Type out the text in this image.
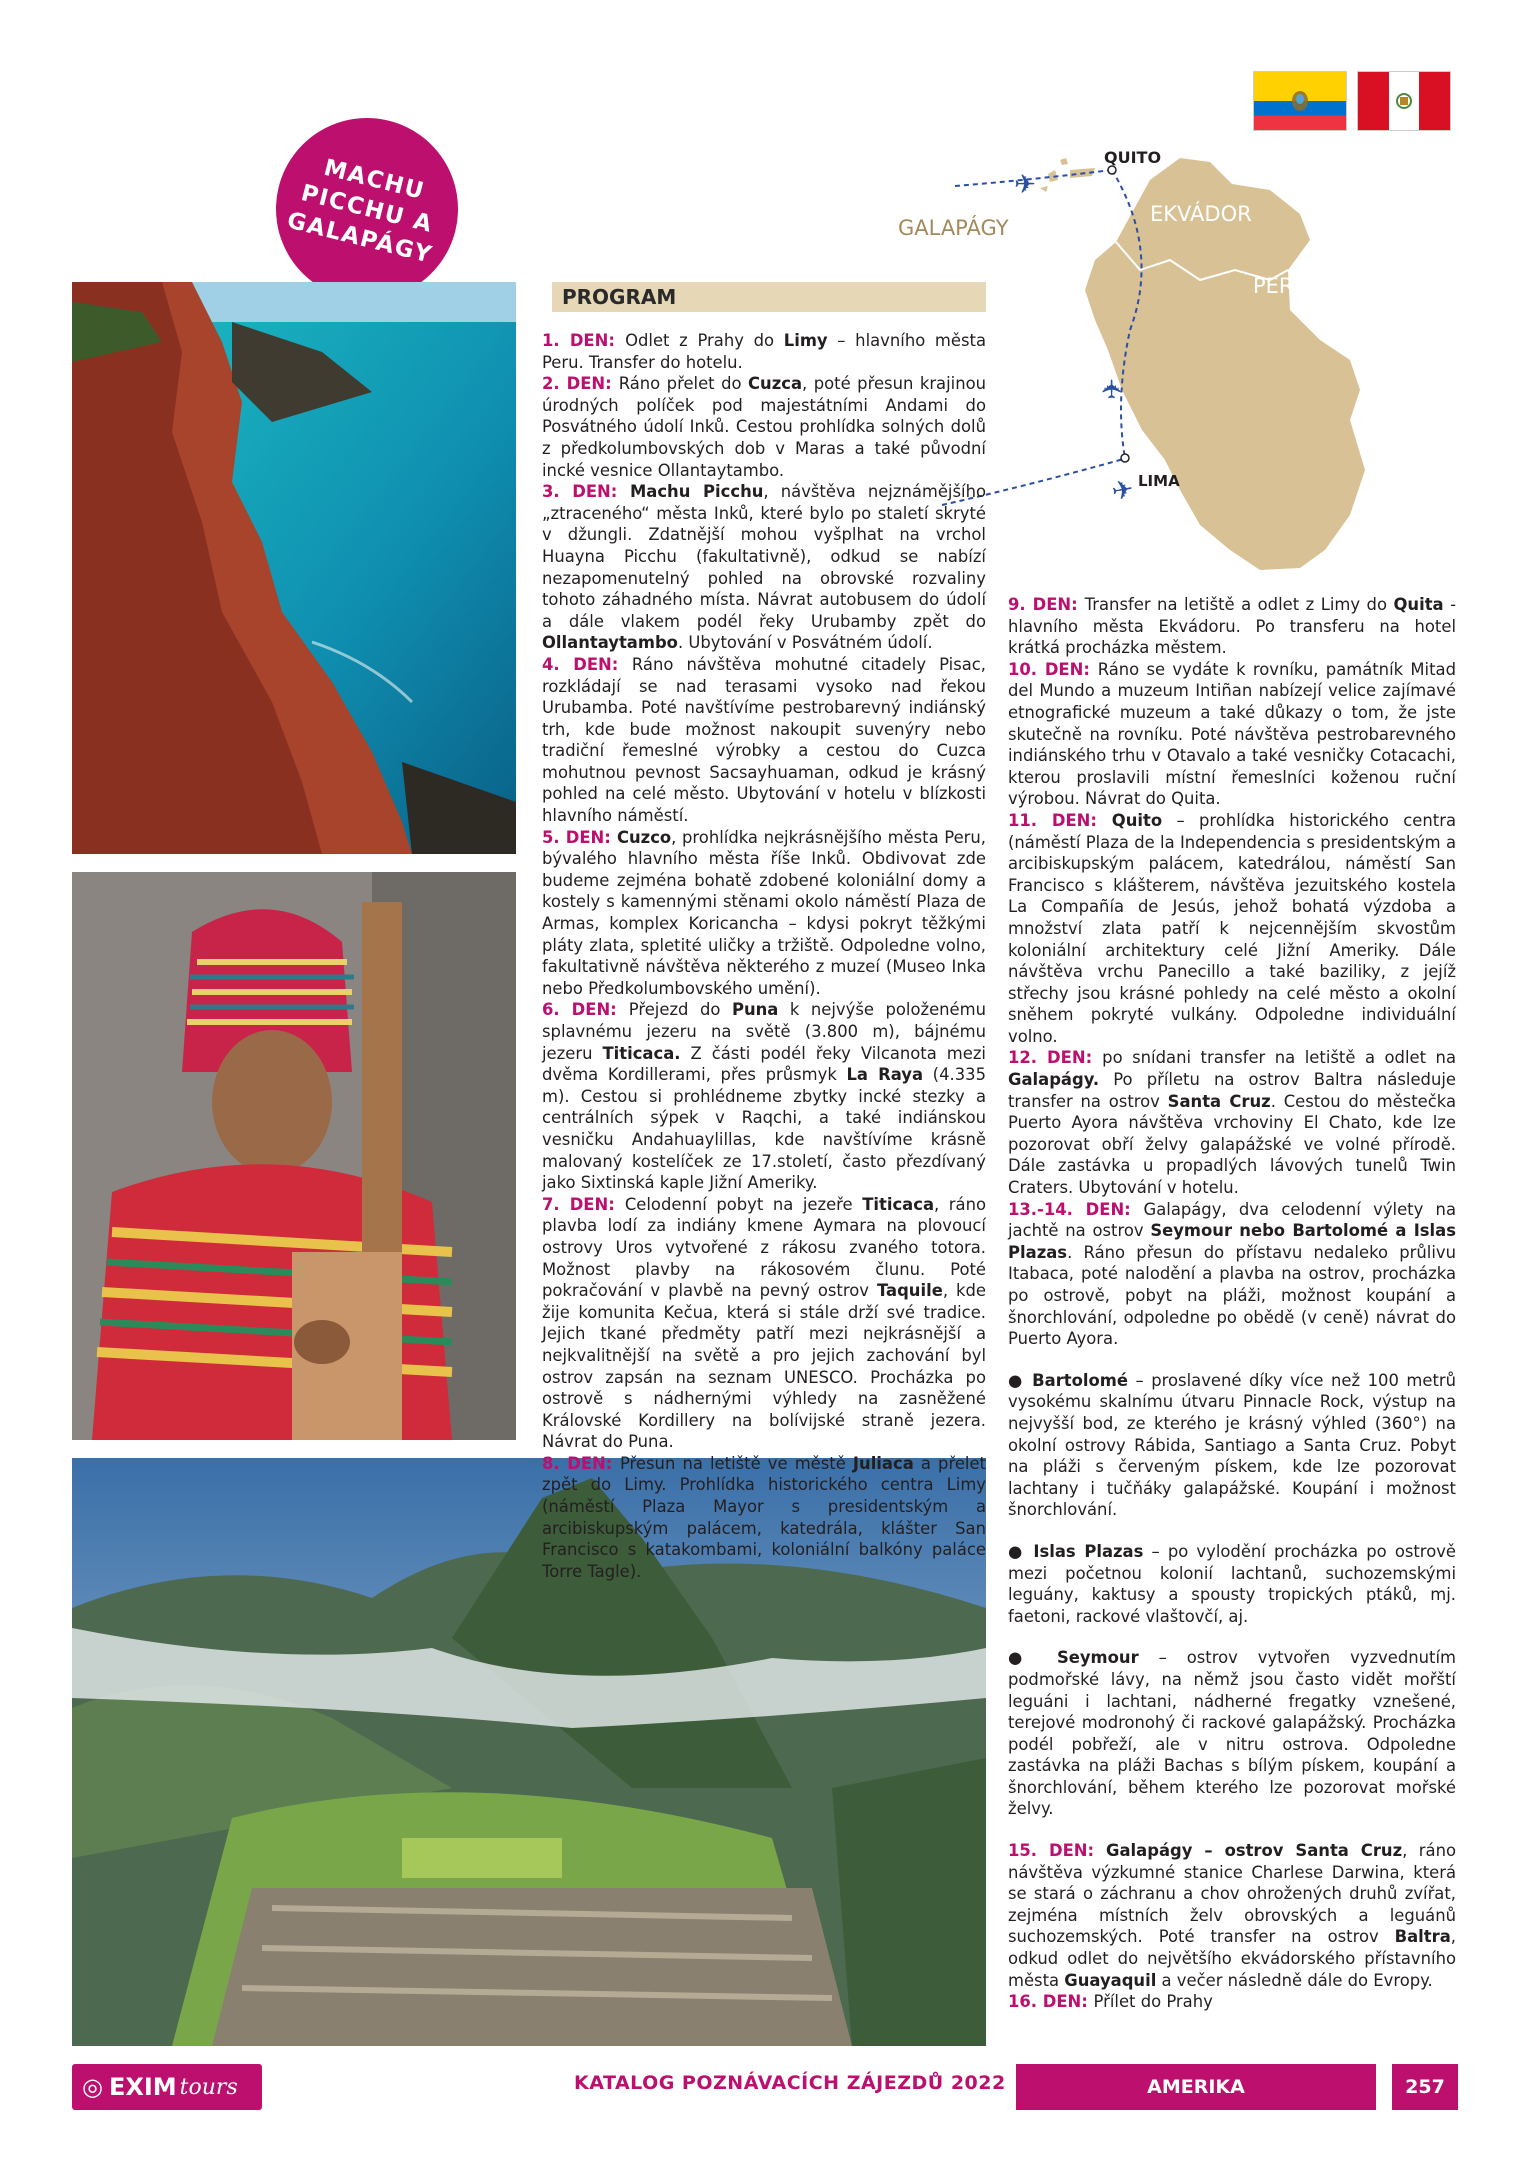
MACHU
PICCHU A
GALAPÁGY
✈
✈
✈
QUITO
EKVÁDOR
PERU
LIMA
GALAPÁGY
PROGRAM

1. DEN: Odlet z Prahy do Limy – hlavního města Peru. Transfer do hotelu.

2. DEN: Ráno přelet do Cuzca, poté přesun krajinou úrodných políček pod majestátními Andami do Posvátného údolí Inků. Cestou prohlídka solných dolů z předkolumbovských dob v Maras a také původní incké vesnice Ollantaytambo.

3. DEN: Machu Picchu, návštěva nejznámějšího „ztraceného“ města Inků, které bylo po staletí skryté v džungli. Zdatnější mohou vyšplhat na vrchol Huayna Picchu (fakultativně), odkud se nabízí nezapomenutelný pohled na obrovské rozvaliny tohoto záhadného místa. Návrat autobusem do údolí a dále vlakem podél řeky Urubamby zpět do Ollantaytambo. Ubytování v Posvátném údolí.

4. DEN: Ráno návštěva mohutné citadely Pisac, rozkládají se nad terasami vysoko nad řekou Urubamba. Poté navštívíme pestrobarevný indiánský trh, kde bude možnost nakoupit suvenýry nebo tradiční řemeslné výrobky a cestou do Cuzca mohutnou pevnost Sacsayhuaman, odkud je krásný pohled na celé město. Ubytování v hotelu v blízkosti hlavního náměstí.

5. DEN: Cuzco, prohlídka nejkrásnějšího města Peru, bývalého hlavního města říše Inků. Obdivovat zde budeme zejména bohatě zdobené koloniální domy a kostely s kamennými stěnami okolo náměstí Plaza de Armas, komplex Koricancha – kdysi pokryt těžkými pláty zlata, spletité uličky a tržiště. Odpoledne volno, fakultativně návštěva některého z muzeí (Museo Inka nebo Předkolumbovského umění).

6. DEN: Přejezd do Puna k nejvýše položenému splavnému jezeru na světě (3.800 m), bájnému jezeru Titicaca. Z části podél řeky Vilcanota mezi dvěma Kordillerami, přes průsmyk La Raya (4.335 m). Cestou si prohlédneme zbytky incké stezky a centrálních sýpek v Raqchi, a také indiánskou vesničku Andahuaylillas, kde navštívíme krásně malovaný kostelíček ze 17.století, často přezdívaný jako Sixtinská kaple Jižní Ameriky.

7. DEN: Celodenní pobyt na jezeře Titicaca, ráno plavba lodí za indiány kmene Aymara na plovoucí ostrovy Uros vytvořené z rákosu zvaného totora. Možnost plavby na rákosovém člunu. Poté pokračování v plavbě na pevný ostrov Taquile, kde žije komunita Kečua, která si stále drží své tradice. Jejich tkané předměty patří mezi nejkrásnější a nejkvalitnější na světě a pro jejich zachování byl ostrov zapsán na seznam UNESCO. Procházka po ostrově s nádhernými výhledy na zasněžené Královské Kordillery na bolívijské straně jezera. Návrat do Puna.

8. DEN: Přesun na letiště ve městě Juliaca a přelet zpět do Limy. Prohlídka historického centra Limy (náměstí Plaza Mayor s presidentským a arcibiskupským palácem, katedrála, klášter San Francisco s katakombami, koloniální balkóny paláce Torre Tagle).

9. DEN: Transfer na letiště a odlet z Limy do Quita - hlavního města Ekvádoru. Po transferu na hotel krátká procházka městem.

10. DEN: Ráno se vydáte k rovníku, památník Mitad del Mundo a muzeum Intiñan nabízejí velice zajímavé etnografické muzeum a také důkazy o tom, že jste skutečně na rovníku. Poté návštěva pestrobarevného indiánského trhu v Otavalo a také vesničky Cotacachi, kterou proslavili místní řemeslníci koženou ruční výrobou. Návrat do Quita.

11. DEN: Quito – prohlídka historického centra (náměstí Plaza de la Independencia s presidentským a arcibiskupským palácem, katedrálou, náměstí San Francisco s klášterem, návštěva jezuitského kostela La Compañía de Jesús, jehož bohatá výzdoba a množství zlata patří k nejcennějším skvostům koloniální architektury celé Jižní Ameriky. Dále návštěva vrchu Panecillo a také baziliky, z jejíž střechy jsou krásné pohledy na celé město a okolní sněhem pokryté vulkány. Odpoledne individuální volno.

12. DEN: po snídani transfer na letiště a odlet na Galapágy. Po příletu na ostrov Baltra následuje transfer na ostrov Santa Cruz. Cestou do městečka Puerto Ayora návštěva vrchoviny El Chato, kde lze pozorovat obří želvy galapážské ve volné přírodě. Dále zastávka u propadlých lávových tunelů Twin Craters. Ubytování v hotelu.

13.-14. DEN: Galapágy, dva celodenní výlety na jachtě na ostrov Seymour nebo Bartolomé a Islas Plazas. Ráno přesun do přístavu nedaleko průlivu Itabaca, poté nalodění a plavba na ostrov, procházka po ostrově, pobyt na pláži, možnost koupání a šnorchlování, odpoledne po obědě (v ceně) návrat do Puerto Ayora.

● Bartolomé – proslavené díky více než 100 metrů vysokému skalnímu útvaru Pinnacle Rock, výstup na nejvyšší bod, ze kterého je krásný výhled (360°) na okolní ostrovy Rábida, Santiago a Santa Cruz. Pobyt na pláži s červeným pískem, kde lze pozorovat lachtany i tučňáky galapážské. Koupání i možnost šnorchlování.

● Islas Plazas – po vylodění procházka po ostrově mezi početnou kolonií lachtanů, suchozemskými leguány, kaktusy a spousty tropických ptáků, mj. faetoni, rackové vlaštovčí, aj.

● Seymour – ostrov vytvořen vyzvednutím podmořské lávy, na němž jsou často vidět mořští leguáni i lachtani, nádherné fregatky vznešené, terejové modronohý či rackové galapážský. Procházka podél pobřeží, ale v nitru ostrova. Odpoledne zastávka na pláži Bachas s bílým pískem, koupání a šnorchlování, během kterého lze pozorovat mořské želvy.

15. DEN: Galapágy – ostrov Santa Cruz, ráno návštěva výzkumné stanice Charlese Darwina, která se stará o záchranu a chov ohrožených druhů zvířat, zejména místních želv obrovských a leguánů suchozemských. Poté transfer na ostrov Baltra, odkud odlet do největšího ekvádorského přístavního města Guayaquil a večer následně dále do Evropy.

16. DEN: Přílet do Prahy

◎ EXIM tours	KATALOG POZNÁVACÍCH ZÁJEZDŮ 2022	AMERIKA	257
